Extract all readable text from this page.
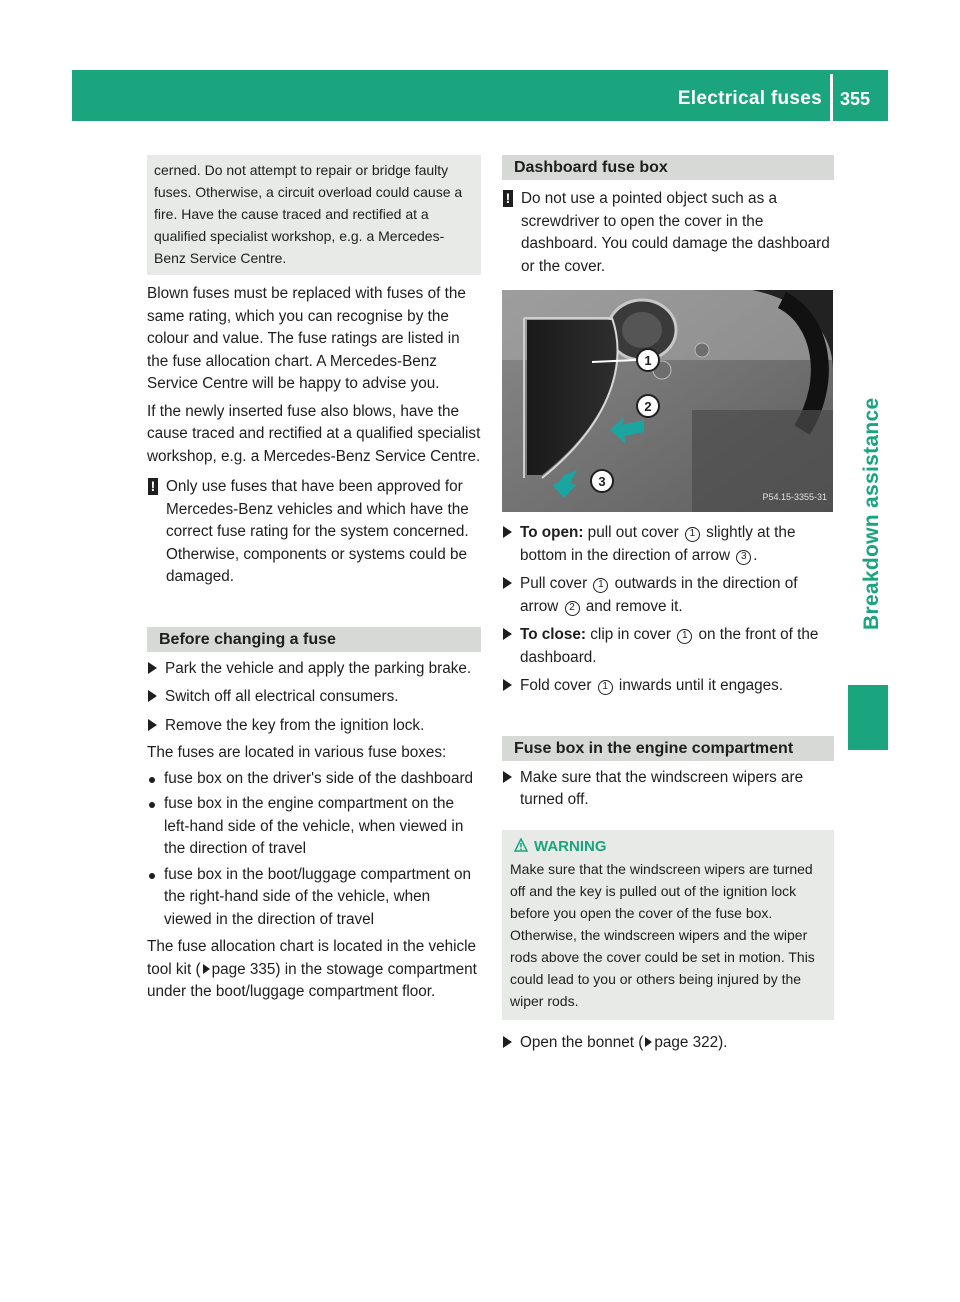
Electrical fuses 355
Breakdown assistance
cerned. Do not attempt to repair or bridge faulty fuses. Otherwise, a circuit overload could cause a fire. Have the cause traced and rectified at a qualified specialist workshop, e.g. a Mercedes-Benz Service Centre.

Blown fuses must be replaced with fuses of the same rating, which you can recognise by the colour and value. The fuse ratings are listed in the fuse allocation chart. A Mercedes-Benz Service Centre will be happy to advise you.

If the newly inserted fuse also blows, have the cause traced and rectified at a qualified specialist workshop, e.g. a Mercedes-Benz Service Centre.

! Only use fuses that have been approved for Mercedes-Benz vehicles and which have the correct fuse rating for the system concerned. Otherwise, components or systems could be damaged.
Before changing a fuse
Park the vehicle and apply the parking brake.
Switch off all electrical consumers.
Remove the key from the ignition lock.

The fuses are located in various fuse boxes:

fuse box on the driver's side of the dashboard
fuse box in the engine compartment on the left-hand side of the vehicle, when viewed in the direction of travel
fuse box in the boot/luggage compartment on the right-hand side of the vehicle, when viewed in the direction of travel

The fuse allocation chart is located in the vehicle tool kit ( page 335) in the stowage compartment under the boot/luggage compartment floor.

Dashboard fuse box
! Do not use a pointed object such as a screwdriver to open the cover in the dashboard. You could damage the dashboard or the cover.
1
2
3
P54.15-3355-31
To open: pull out cover 1 slightly at the bottom in the direction of arrow 3 .
Pull cover 1 outwards in the direction of arrow 2 and remove it.
To close: clip in cover 1 on the front of the dashboard.
Fold cover 1 inwards until it engages.
Fuse box in the engine compartment
Make sure that the windscreen wipers are turned off.
WARNING
Make sure that the windscreen wipers are turned off and the key is pulled out of the ignition lock before you open the cover of the fuse box. Otherwise, the windscreen wipers and the wiper rods above the cover could be set in motion. This could lead to you or others being injured by the wiper rods.
Open the bonnet ( page 322).
